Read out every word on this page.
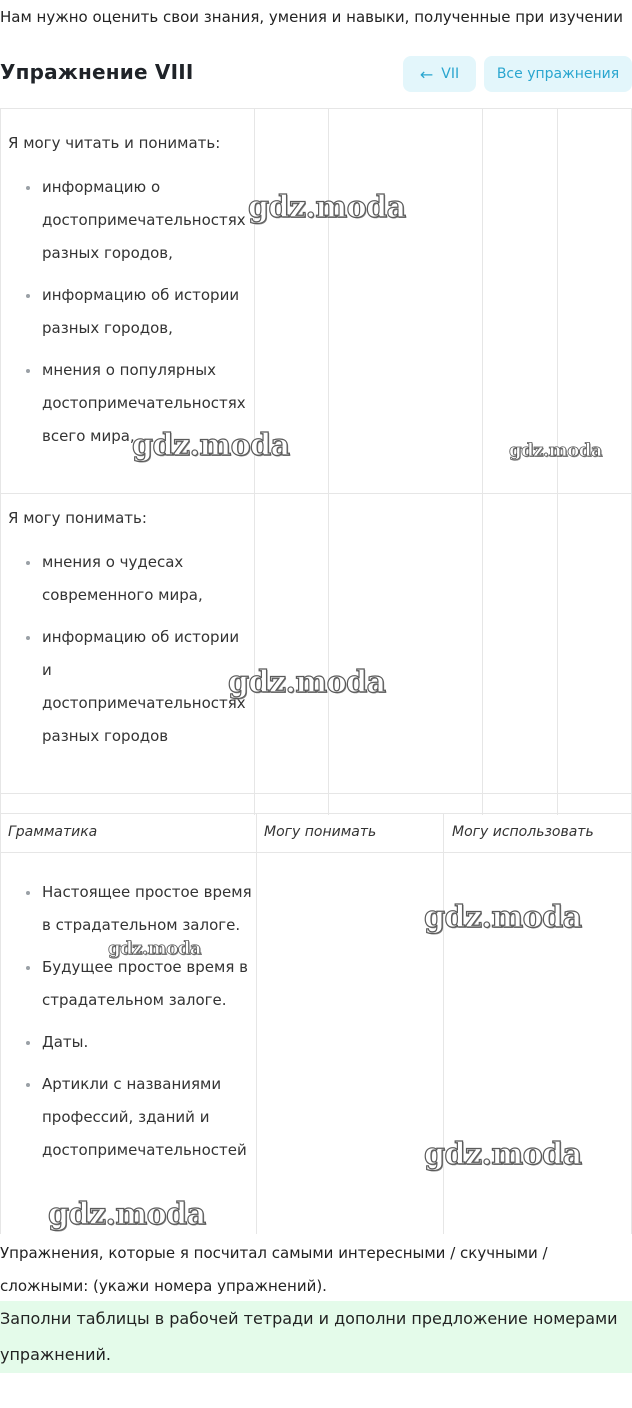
Нам нужно оценить свои знания, умения и навыки, полученные при изучении
Упражнение VIII	← VII	Все упражнения
Я могу читать и понимать:
информацию о достопримечательностях разных городов,
информацию об истории разных городов,
мнения о популярных достопримечательностях всего мира,
Я могу понимать:
мнения о чудесах современного мира,
информацию об истории и достопримечательностях разных городов
Грамматика	Могу понимать	Могу использовать
Настоящее простое время в страдательном залоге.
Будущее простое время в страдательном залоге.
Даты.
Артикли с названиями профессий, зданий и достопримечательностей
Упражнения, которые я посчитал самыми интересными / скучными / сложными: (укажи номера упражнений).
Заполни таблицы в рабочей тетради и дополни предложение номерами упражнений.
gdz.moda
gdz.moda	gdz.moda
gdz.moda
gdz.moda
gdz.moda
gdz.moda
gdz.moda
